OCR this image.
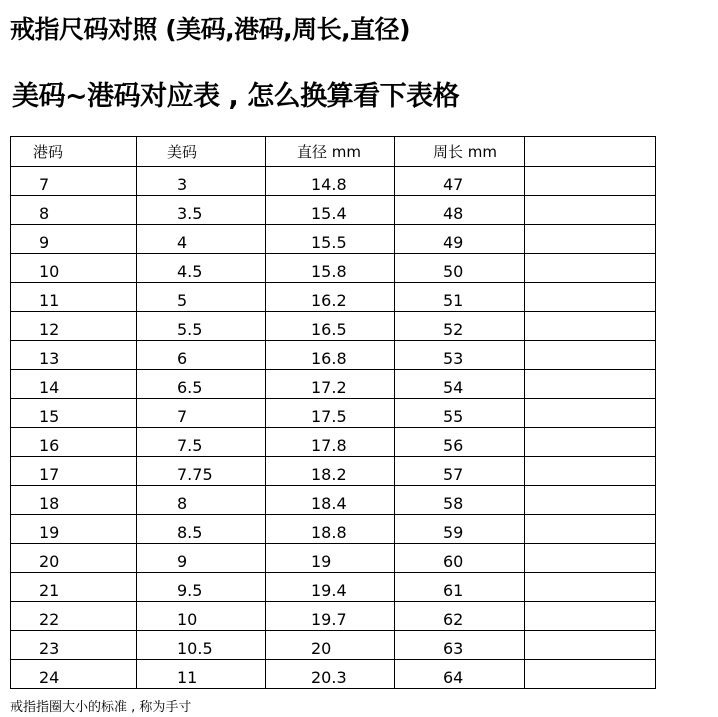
戒指尺码对照 (美码,港码,周长,直径)
美码~港码对应表 , 怎么换算看下表格
港码	美码	直径 mm	周长 mm	
7	3	14.8	47	
8	3.5	15.4	48	
9	4	15.5	49	
10	4.5	15.8	50	
11	5	16.2	51	
12	5.5	16.5	52	
13	6	16.8	53	
14	6.5	17.2	54	
15	7	17.5	55	
16	7.5	17.8	56	
17	7.75	18.2	57	
18	8	18.4	58	
19	8.5	18.8	59	
20	9	19	60	
21	9.5	19.4	61	
22	10	19.7	62	
23	10.5	20	63	
24	11	20.3	64	
戒指指圈大小的标准 , 称为手寸
